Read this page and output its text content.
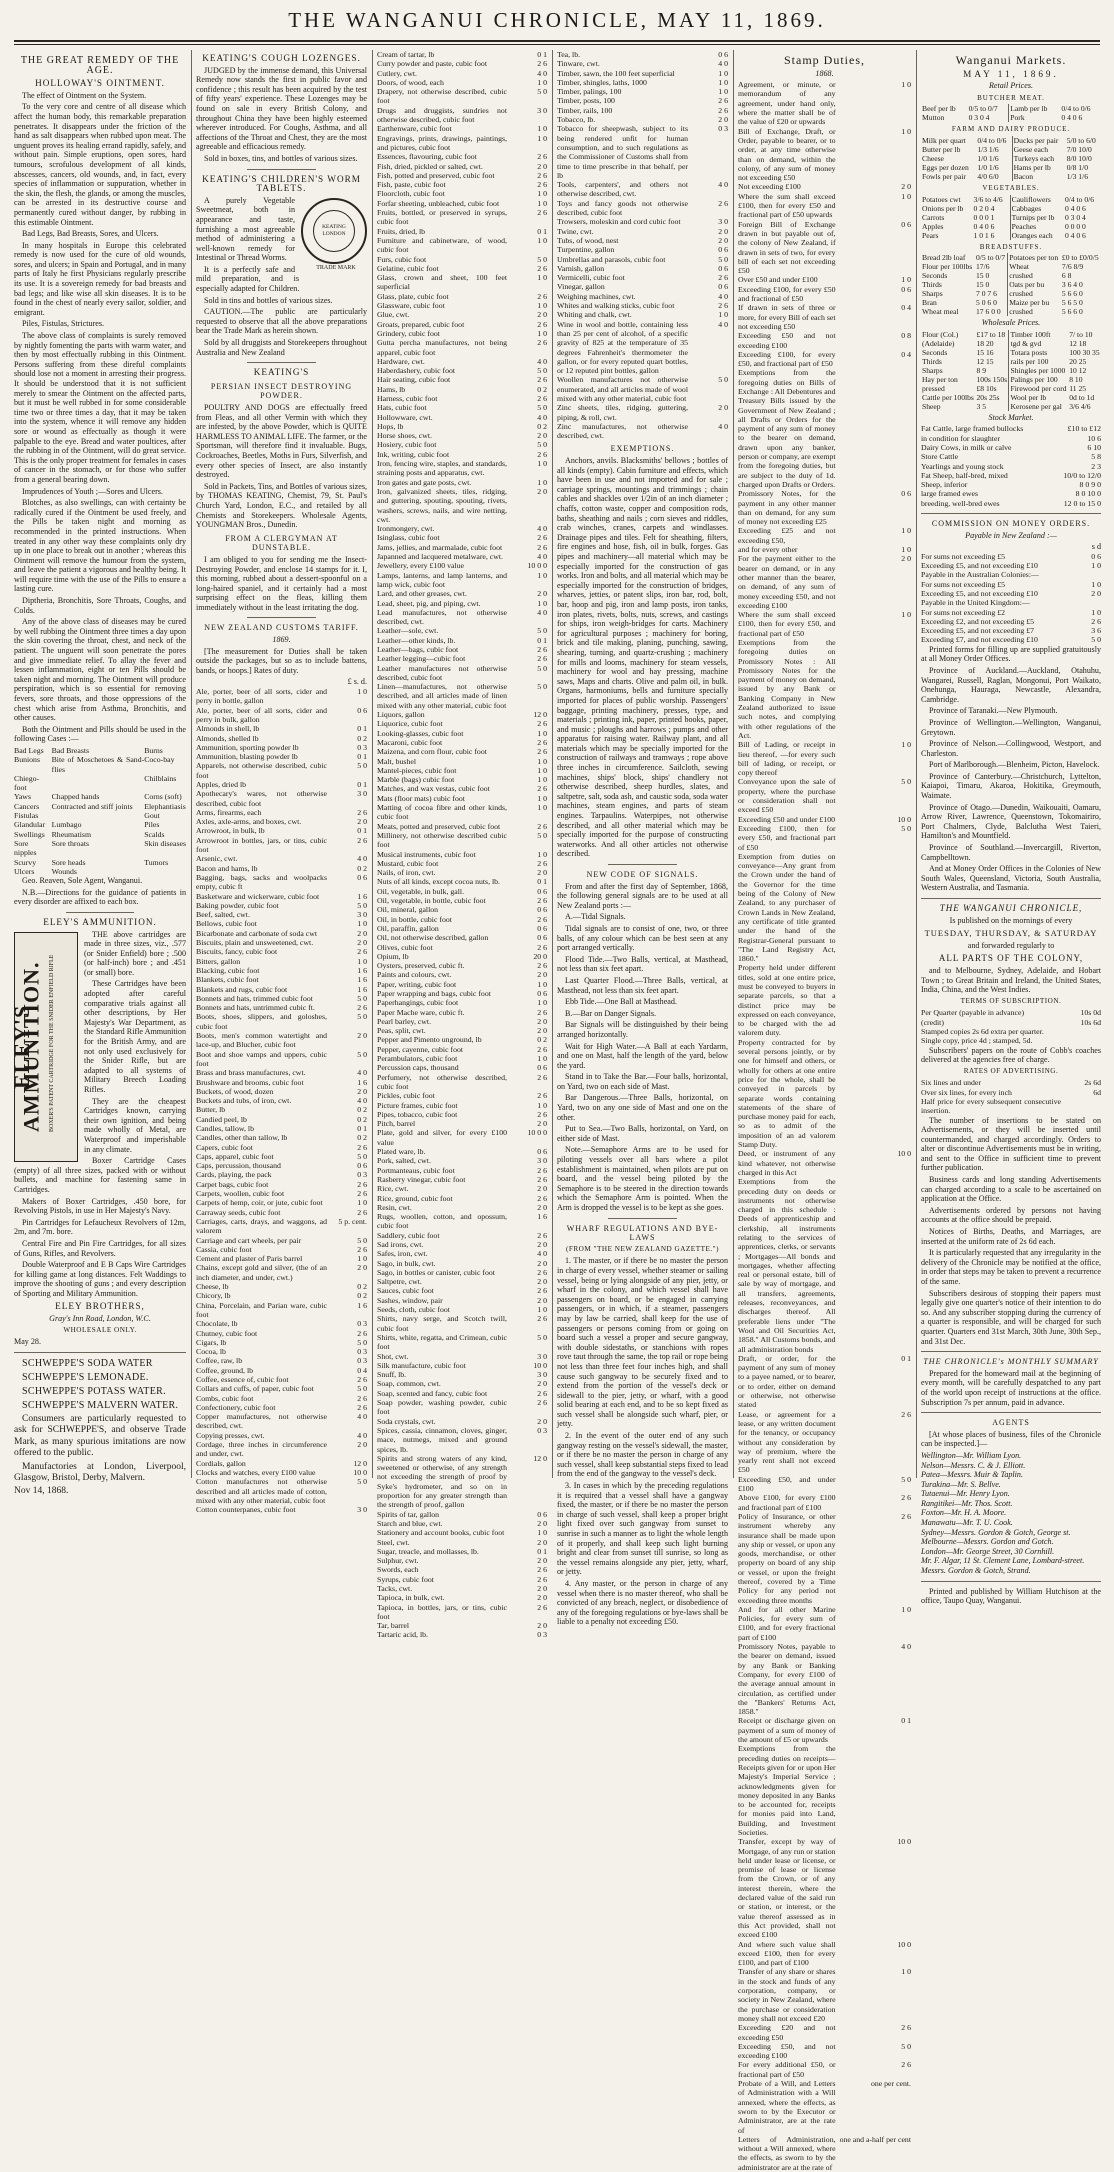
THE WANGANUI CHRONICLE, MAY 11, 1869.
THE GREAT REMEDY OF THE AGE.
HOLLOWAY'S OINTMENT.

The effect of Ointment on the System.

To the very core and centre of all disease which affect the human body, this remarkable preparation penetrates. It disappears under the friction of the hand as salt disappears when rubbed upon meat. The unguent proves its healing errand rapidly, safely, and without pain. Simple eruptions, open sores, hard tumours, scrofulous development of all kinds, abscesses, cancers, old wounds, and, in fact, every species of inflammation or suppuration, whether in the skin, the flesh, the glands, or among the muscles, can be arrested in its destructive course and permanently cured without danger, by rubbing in this estimable Ointment.

Bad Legs, Bad Breasts, Sores, and Ulcers.

In many hospitals in Europe this celebrated remedy is now used for the cure of old wounds, sores, and ulcers; in Spain and Portugal, and in many parts of Italy he first Physicians regularly prescribe its use. It is a sovereign remedy for bad breasts and bad legs; and like wise all skin diseases. It is to be found in the chest of nearly every sailor, soldier, and emigrant.

Piles, Fistulas, Strictures.

The above class of complaints is surely removed by nightly fomenting the parts with warm water, and then by most effectually rubbing in this Ointment. Persons suffering from these direful complaints should lose not a moment in arresting their progress. It should be understood that it is not sufficient merely to smear the Ointment on the affected parts, but it must be well rubbed in for some considerable time two or three times a day, that it may be taken into the system, whence it will remove any hidden sore or wound as effectually as though it were palpable to the eye. Bread and water poultices, after the rubbing in of the Ointment, will do great service. This is the only proper treatment for females in cases of cancer in the stomach, or for those who suffer from a general bearing down.

Imprudences of Youth ;—Sores and Ulcers.

Blotches, as also swellings, can with certainty be radically cured if the Ointment be used freely, and the Pills be taken night and morning as recommended in the printed instructions. When treated in any other way these complaints only dry up in one place to break out in another ; whereas this Ointment will remove the humour from the system, and leave the patient a vigorous and healthy being. It will require time with the use of the Pills to ensure a lasting cure.

Diptheria, Bronchitis, Sore Throats, Coughs, and Colds.

Any of the above class of diseases may be cured by well rubbing the Ointment three times a day upon the skin covering the throat, chest, and neck of the patient. The unguent will soon penetrate the pores and give immediate relief. To allay the fever and lessen inflammation, eight or ten Pills should be taken night and morning. The Ointment will produce perspiration, which is so essential for removing fevers, sore throats, and those oppressions of the chest which arise from Asthma, Bronchitis, and other causes.

Both the Ointment and Pills should be used in the following Cases :—

Bad Legs	Bad Breasts	Burns
Bunions	Bite of Moschetoes & Sand-flies	Coco-bay
Chiego-foot		Chilblains
Yaws	Chapped hands	Corns (soft)
Cancers	Contracted and stiff joints	Elephantiasis
Fistulas		Gout
Glandular	Lumbago	Piles
Swellings	Rheumatism	Scalds
Sore nipples	Sore throats	Skin diseases
Scurvy	Sore heads	Tumors
Ulcers	Wounds	

Geo. Reaven, Sole Agent, Wanganui.

N.B.—Directions for the guidance of patients in every disorder are affixed to each box.

ELEY'S AMMUNITION.
ELEY'S AMMUNITION. BOXER'S PATENT CARTRIDGE FOR THE SNIDER ENFIELD RIFLE

THE above cartridges are made in three sizes, viz., .577 (or Snider Enfield) bore ; .500 (or half-inch) bore ; and .451 (or small) bore.

These Cartridges have been adopted after careful comparative trials against all other descriptions, by Her Majesty's War Department, as the Standard Rifle Ammunition for the British Army, and are not only used exclusively for the Snider Rifle, but are adapted to all systems of Military Breech Loading Rifles.

They are the cheapest Cartridges known, carrying their own ignition, and being made wholly of Metal, are Waterproof and imperishable in any climate.

Boxer Cartridge Cases (empty) of all three sizes, packed with or without bullets, and machine for fastening same in Cartridges.

Makers of Boxer Cartridges, .450 bore, for Revolving Pistols, in use in Her Majesty's Navy.

Pin Cartridges for Lefaucheux Revolvers of 12m, 2m, and 7m. bore.

Central Fire and Pin Fire Cartridges, for all sizes of Guns, Rifles, and Revolvers.

Double Waterproof and E B Caps Wire Cartridges for killing game at long distances. Felt Waddings to improve the shooting of guns ; and every description of Sporting and Military Ammunition.

ELEY BROTHERS,
Gray's Inn Road, London, W.C.
WHOLESALE ONLY.

May 28.

SCHWEPPE'S SODA WATER

SCHWEPPE'S LEMONADE.

SCHWEPPE'S POTASS WATER.

SCHWEPPE'S MALVERN WATER.

Consumers are particularly requested to ask for SCHWEPPE'S, and observe Trade Mark, as many spurious imitations are now offered to the public.

Manufactories at London, Liverpool, Glasgow, Bristol, Derby, Malvern.

Nov 14, 1868.

KEATING'S COUGH LOZENGES.

JUDGED by the immense demand, this Universal Remedy now stands the first in public favor and confidence ; this result has been acquired by the test of fifty years' experience. These Lozenges may be found on sale in every British Colony, and throughout China they have been highly esteemed wherever introduced. For Coughs, Asthma, and all affections of the Throat and Chest, they are the most agreeable and efficacious remedy.

Sold in boxes, tins, and bottles of various sizes.

KEATING'S CHILDREN'S WORM TABLETS.
KEATING LONDON
TRADE MARK

A purely Vegetable Sweetmeat, both in appearance and taste, furnishing a most agreeable method of administering a well-known remedy for Intestinal or Thread Worms.

It is a perfectly safe and mild preparation, and is especially adapted for Children.

Sold in tins and bottles of various sizes.

CAUTION.—The public are particularly requested to observe that all the above preparations bear the Trade Mark as herein shown.

Sold by all druggists and Storekeepers throughout Australia and New Zealand

KEATING'S
PERSIAN INSECT DESTROYING POWDER.

POULTRY AND DOGS are effectually freed from Fleas, and all other Vermin with which they are infested, by the above Powder, which is QUITE HARMLESS TO ANIMAL LIFE. The farmer, or the Sportsman, will therefore find it invaluable. Bugs, Cockroaches, Beetles, Moths in Furs, Silverfish, and every other species of Insect, are also instantly destroyed.

Sold in Packets, Tins, and Bottles of various sizes, by THOMAS KEATING, Chemist, 79, St. Paul's Church Yard, London, E.C., and retailed by all Chemists and Storekeepers. Wholesale Agents, YOUNGMAN Bros., Dunedin.

FROM A CLERGYMAN AT DUNSTABLE.

I am obliged to you for sending me the Insect-Destroying Powder, and enclose 14 stamps for it. I, this morning, rubbed about a dessert-spoonful on a long-haired spaniel, and it certainly had a most surprising effect on the fleas, killing them immediately without in the least irritating the dog.

NEW ZEALAND CUSTOMS TARIFF.
1869.

[The measurement for Duties shall be taken outside the packages, but so as to include battens, bands, or hoops.] Rates of duty.

£ s. d.
Ale, porter, beer of all sorts, cider and perry in bottle, gallon	1 0
Ale, porter, beer of all sorts, cider and perry in bulk, gallon	0 6
Almonds in shell, lb	0 1
Almonds, shelled lb	0 2
Ammunition, sporting powder lb	0 3
Ammunition, blasting powder lb	0 1
Apparels, not otherwise described, cubic foot	5 0
Apples, dried lb	0 1
Apothecary's wares, not otherwise described, cubic foot	3 0
Arms, firearms, each	2 6
Axles, axle-arms, and boxes, cwt.	2 0
Arrowroot, in bulk, lb	0 1
Arrowroot in bottles, jars, or tins, cubic foot	2 6
Arsenic, cwt.	4 0
Bacon and hams, lb	0 2
Bagging, bags, sacks and woolpacks empty, cubic ft	0 6
Basketware and wickerware, cubic foot	1 6
Baking powder, cubic foot	5 0
Beef, salted, cwt.	3 0
Bellows, cubic foot	1 0
Bicarbonate and carbonate of soda cwt	2 0
Biscuits, plain and unsweetened, cwt.	2 0
Biscuits, fancy, cubic foot	2 6
Bitters, gallon	1 0
Blacking, cubic foot	1 6
Blankets, cubic foot	1 6
Blankets and rugs, cubic foot	1 6
Bonnets and hats, trimmed cubic foot	5 0
Bonnets and hats, untrimmed cubic ft.	2 6
Boots, shoes, slippers, and goloshes, cubic foot	5 0
Boots, men's common watertight and lace-up, and Blucher, cubic foot	2 0
Boot and shoe vamps and uppers, cubic foot	5 0
Brass and brass manufactures, cwt.	4 0
Brushware and brooms, cubic foot	1 6
Buckets, of wood, dozen	2 0
Buckets and tubs, of iron, cwt.	4 0
Butter, lb	0 2
Candied peel, lb	0 2
Candles, tallow, lb	0 1
Candles, other than tallow, lb	0 2
Capers, cubic foot	2 6
Caps, apparel, cubic foot	5 0
Caps, percussion, thousand	0 6
Cards, playing, the pack	0 3
Carpet bags, cubic foot	2 6
Carpets, woollen, cubic foot	2 6
Carpets of hemp, coir, or jute, cubic foot	1 0
Carraway seeds, cubic foot	2 6
Carriages, carts, drays, and waggons, ad valorem	5 p. cent.
Carriage and cart wheels, per pair	5 0
Cassia, cubic foot	2 6
Cement and plaster of Paris barrel	1 0
Chains, except gold and silver, (the of an inch diameter, and under, cwt.)	2 0
Cheese, lb	0 2
Chicory, lb	0 2
China, Porcelain, and Parian ware, cubic foot	1 6
Chocolate, lb	0 3
Chutney, cubic foot	2 6
Cigars, lb	5 0
Cocoa, lb	0 3
Coffee, raw, lb	0 3
Coffee, ground, lb	0 4
Coffee, essence of, cubic foot	2 6
Collars and cuffs, of paper, cubic foot	5 0
Combs, cubic foot	2 6
Confectionery, cubic foot	2 6
Copper manufactures, not otherwise described, cwt.	4 0
Copying presses, cwt.	4 0
Cordage, three inches in circumference and under, cwt.	2 0
Cordials, gallon	12 0
Clocks and watches, every £100 value	10 0
Cotton manufactures not otherwise described and all articles made of cotton, mixed with any other material, cubic foot	5 0
Cotton counterpanes, cubic foot	3 0
Cream of tartar, lb	0 1
Curry powder and paste, cubic foot	2 6
Cutlery, cwt.	4 0
Doors, of wood, each	1 0
Drapery, not otherwise described, cubic foot	5 0
Drugs and druggists, sundries not otherwise described, cubic foot	3 0
Earthenware, cubic foot	1 0
Engravings, prints, drawings, paintings, and pictures, cubic foot	1 0
Essences, flavouring, cubic foot	2 6
Fish, dried, pickled or salted, cwt.	2 0
Fish, potted and preserved, cubic foot	2 6
Fish, paste, cubic foot	2 6
Floorcloth, cubic foot	1 0
Forfar sheeting, unbleached, cubic foot	1 0
Fruits, bottled, or preserved in syrups, cubic foot	2 6
Fruits, dried, lb	0 1
Furniture and cabinetware, of wood, cubic foot	1 0
Furs, cubic foot	5 0
Gelatine, cubic foot	2 6
Glass, crown and sheet, 100 feet superficial	1 0
Glass, plate, cubic foot	2 6
Glassware, cubic foot	1 0
Glue, cwt.	2 0
Groats, prepared, cubic foot	2 6
Grindery, cubic foot	1 0
Gutta percha manufactures, not being apparel, cubic foot	2 6
Hardware, cwt.	4 0
Haberdashery, cubic foot	5 0
Hair seating, cubic foot	2 6
Hams, lb	0 2
Harness, cubic foot	2 6
Hats, cubic foot	5 0
Hollowware, cwt.	4 0
Hops, lb	0 2
Horse shoes, cwt.	2 0
Hosiery, cubic foot	5 0
Ink, writing, cubic foot	2 6
Iron, fencing wire, staples, and standards, straining posts and apparatus, cwt.	1 0
Iron gates and gate posts, cwt.	1 0
Iron, galvanized sheets, tiles, ridging, and guttering, spouting, spouting, rivets, washers, screws, nails, and wire netting, cwt.	2 0
Ironmongery, cwt.	4 0
Isinglass, cubic foot	2 6
Jams, jellies, and marmalade, cubic foot	2 6
Japanned and lacquered metalware, cwt.	4 0
Jewellery, every £100 value	10 0 0
Lamps, lanterns, and lamp lanterns, and lamp wick, cubic foot	1 0
Lard, and other greases, cwt.	2 0
Lead, sheet, pig, and piping, cwt.	1 0
Lead manufactures, not otherwise described, cwt.	4 0
Leather—sole, cwt.	5 0
Leather—other kinds, lb.	0 1
Leather—bags, cubic foot	2 6
Leather legging—cubic foot	2 6
Leather manufactures not otherwise described, cubic foot	5 0
Linen—manufactures, not otherwise described, and all articles made of linen mixed with any other material, cubic foot	5 0
Liquors, gallon	12 0
Liquorice, cubic foot	2 6
Looking-glasses, cubic foot	1 0
Macaroni, cubic foot	2 6
Maizena, and corn flour, cubic foot	2 6
Malt, bushel	1 0
Mantel-pieces, cubic foot	1 0
Marble (bags) cubic foot	1 0
Matches, and wax vestas, cubic foot	2 6
Mats (floor mats) cubic foot	1 0
Matting of cocoa fibre and other kinds, cubic foot	1 0
Meats, potted and preserved, cubic foot	2 6
Millinery, not otherwise described cubic foot	5 0
Musical instruments, cubic foot	1 0
Mustard, cubic foot	2 6
Nails, of iron, cwt.	2 0
Nuts of all kinds, except cocoa nuts, lb.	0 1
Oil, vegetable, in bulk, gall.	0 6
Oil, vegetable, in bottle, cubic foot	2 6
Oil, mineral, gallon	0 6
Oil, in bottle, cubic foot	2 6
Oil, paraffin, gallon	0 6
Oil, not otherwise described, gallon	0 6
Olives, cubic foot	2 6
Opium, lb	20 0
Oysters, preserved, cubic ft.	2 6
Paints and colours, cwt.	2 0
Paper, writing, cubic foot	1 0
Paper wrapping and bags, cubic foot	0 6
Paperhangings, cubic foot	1 0
Paper Mache ware, cubic ft.	2 6
Pearl barley, cwt.	2 0
Peas, split, cwt.	2 0
Pepper and Pimento unground, lb	0 2
Pepper, cayenne, cubic foot	2 6
Perambulators, cubic foot	1 0
Percussion caps, thousand	0 6
Perfumery, not otherwise described, cubic foot	2 6
Pickles, cubic foot	2 6
Picture frames, cubic foot	1 0
Pipes, tobacco, cubic foot	2 6
Pitch, barrel	2 0
Plate, gold and silver, for every £100 value	10 0 0
Plated ware, lb.	0 6
Pork, salted, cwt.	3 0
Portmanteaus, cubic foot	2 6
Rasberry vinegar, cubic foot	2 6
Rice, cwt.	2 0
Rice, ground, cubic foot	2 6
Resin, cwt.	2 0
Rugs, woollen, cotton, and opossum, cubic foot	1 6
Saddlery, cubic foot	2 6
Sad irons, cwt.	2 0
Safes, iron, cwt.	4 0
Sago, in bulk, cwt.	2 0
Sago, in bottles or canister, cubic foot	2 6
Saltpetre, cwt.	2 0
Sauces, cubic foot	2 6
Sashes, window, pair	2 0
Seeds, cloth, cubic foot	1 0
Shirts, navy serge, and Scotch twill, cubic foot	2 6
Shirts, white, regatta, and Crimean, cubic foot	5 0
Shot, cwt.	3 0
Silk manufacture, cubic foot	10 0
Snuff, lb.	3 0
Soap, common, cwt.	2 0
Soap, scented and fancy, cubic foot	2 6
Soap powder, washing powder, cubic foot	2 6
Soda crystals, cwt.	2 0
Spices, cassia, cinnamon, cloves, ginger, mace, nutmegs, mixed and ground spices, lb.	0 3
Spirits and strong waters of any kind, sweetened or otherwise, of any strength not exceeding the strength of proof by Syke's hydrometer, and so on in proportion for any greater strength than the strength of proof, gallon	12 0
Spirits of tar, gallon	0 6
Starch and blue, cwt.	2 0
Stationery and account books, cubic foot	1 0
Steel, cwt.	2 0
Sugar, treacle, and mollasses, lb.	0 1
Sulphur, cwt.	2 0
Swords, each	2 6
Syrups, cubic foot	2 6
Tacks, cwt.	2 0
Tapioca, in bulk, cwt.	2 0
Tapioca, in bottles, jars, or tins, cubic foot	2 6
Tar, barrel	2 0
Tartaric acid, lb.	0 3
Tea, lb.	0 6
Tinware, cwt.	4 0
Timber, sawn, the 100 feet superficial	1 0
Timber, shingles, laths, 1000	1 0
Timber, palings, 100	1 0
Timber, posts, 100	2 6
Timber, rails, 100	2 6
Tobacco, lb.	2 0
Tobacco for sheepwash, subject to its being rendered unfit for human consumption, and to such regulations as the Commissioner of Customs shall from time to time prescribe in that behalf, per lb	0 3
Tools, carpenters', and others not otherwise described, cwt.	4 0
Toys and fancy goods not otherwise described, cubic foot	2 6
Trowsers, moleskin and cord cubic foot	3 0
Twine, cwt.	2 0
Tubs, of wood, nest	2 0
Turpentine, gallon	0 6
Umbrellas and parasols, cubic foot	5 0
Varnish, gallon	0 6
Vermicelli, cubic foot	2 6
Vinegar, gallon	0 6
Weighing machines, cwt.	4 0
Whites and walking sticks, cubic foot	2 6
Whiting and chalk, cwt.	1 0
Wine in wool and bottle, containing less than 25 per cent of alcohol, of a specific gravity of 825 at the temperature of 35 degrees Fahrenheit's thermometer the gallon, or for every reputed quart bottles, or 12 reputed pint bottles, gallon	4 0
Woollen manufactures not otherwise enumerated, and all articles made of wool mixed with any other material, cubic foot	5 0
Zinc sheets, tiles, ridging, guttering, piping, & roll, cwt.	2 0
Zinc manufactures, not otherwise described, cwt.	4 0
EXEMPTIONS.

Anchors, anvils. Blacksmiths' bellows ; bottles of all kinds (empty). Cabin furniture and effects, which have been in use and not imported and for sale ; carriage springs, mountings and trimmings ; chain cables and shackles over 1/2in of an inch diameter ; chaffs, cotton waste, copper and composition rods, baths, sheathing and nails ; corn sieves and riddles, crab winches, cranes, carpets and windlasses. Drainage pipes and tiles. Felt for sheathing, filters, fire engines and hose, fish, oil in bulk, forges. Gas pipes and machinery—all material which may be especially imported for the construction of gas works. Iron and bolts, and all material which may be especially imported for the construction of bridges, wharves, jetties, or patent slips, iron bar, rod, bolt, bar, hoop and pig, iron and lamp posts, iron tanks, iron plates, rivets, bolts, nuts, screws, and castings for ships, iron weigh-bridges for carts. Machinery for agricultural purposes ; machinery for boring, brick and tile making, planing, punching, sawing, shearing, turning, and quartz-crushing ; machinery for mills and looms, machinery for steam vessels, machinery for wool and hay pressing, machine saws, Maps and charts. Olive and palm oil, in bulk. Organs, harmoniums, bells and furniture specially imported for places of public worship. Passengers' baggage, printing machinery, presses, type, and materials ; printing ink, paper, printed books, paper, and music ; ploughs and harrows ; pumps and other apparatus for raising water. Railway plant, and all materials which may be specially imported for the construction of railways and tramways ; rope above three inches in circumference. Sailcloth, sewing machines, ships' block, ships' chandlery not otherwise described, sheep hurdles, slates, and saltpetre, salt, soda ash, and caustic soda, soda water machines, steam engines, and parts of steam engines. Tarpaulins. Waterpipes, not otherwise described, and all other material which may be specially imported for the purpose of constructing waterworks. And all other articles not otherwise described.

NEW CODE OF SIGNALS.

From and after the first day of September, 1868, the following general signals are to be used at all New Zealand ports :—

A.—Tidal Signals.

Tidal signals are to consist of one, two, or three balls, of any colour which can be best seen at any port arranged vertically.

Flood Tide.—Two Balls, vertical, at Masthead, not less than six feet apart.

Last Quarter Flood.—Three Balls, vertical, at Masthead, not less than six feet apart.

Ebb Tide.—One Ball at Masthead.

B.—Bar on Danger Signals.

Bar Signals will be distinguished by their being arranged horizontally.

Wait for High Water.—A Ball at each Yardarm, and one on Mast, half the length of the yard, below the yard.

Stand in to Take the Bar.—Four balls, horizontal, on Yard, two on each side of Mast.

Bar Dangerous.—Three Balls, horizontal, on Yard, two on any one side of Mast and one on the other.

Put to Sea.—Two Balls, horizontal, on Yard, on either side of Mast.

Note.—Semaphore Arms are to be used for piloting vessels over all bars where a pilot establishment is maintained, when pilots are put on board, and the vessel being piloted by the Semaphore is to be steered in the direction towards which the Semaphore Arm is pointed. When the Arm is dropped the vessel is to be kept as she goes.

WHARF REGULATIONS AND BYE-LAWS
(FROM "THE NEW ZEALAND GAZETTE.")

1. The master, or if there be no master the person in charge of every vessel, whether steamer or sailing vessel, being or lying alongside of any pier, jetty, or wharf in the colony, and which vessel shall have passengers on board, or be engaged in carrying passengers, or in which, if a steamer, passengers may by law be carried, shall keep for the use of passengers or persons coming from or going on board such a vessel a proper and secure gangway, with double sidestaths, or stanchions with ropes rove taut through the same, the top rail or rope being not less than three feet four inches high, and shall cause such gangway to be securely fixed and to extend from the portion of the vessel's deck or sidewall to the pier, jetty, or wharf, with a good solid bearing at each end, and to be so kept fixed as such vessel shall be alongside such wharf, pier, or jetty.

2. In the event of the outer end of any such gangway resting on the vessel's sidewall, the master, or if there be no master the person in charge of any such vessel, shall keep substantial steps fixed to lead from the end of the gangway to the vessel's deck.

3. In cases in which by the preceding regulations it is required that a vessel shall have a gangway fixed, the master, or if there be no master the person in charge of such vessel, shall keep a proper bright light fixed over such gangway from sunset to sunrise in such a manner as to light the whole length of it properly, and shall keep such light burning bright and clear from sunset till sunrise, so long as the vessel remains alongside any pier, jetty, wharf, or jetty.

4. Any master, or the person in charge of any vessel when there is no master thereof, who shall be convicted of any breach, neglect, or disobedience of any of the foregoing regulations or bye-laws shall be liable to a penalty not exceeding £50.

Stamp Duties,
1868.
Agreement, or minute, or memorandum of any agreement, under hand only, where the matter shall be of the value of £20 or upwards	1 0
Bill of Exchange, Draft, or Order, payable to bearer, or to order, at any time otherwise than on demand, within the colony, of any sum of money not exceeding £50	1 0
Not exceeding £100	2 0
Where the sum shall exceed £100, then for every £50 and fractional part of £50 upwards	1 0
Foreign Bill of Exchange drawn in but payable out of, the colony of New Zealand, if drawn in sets of two, for every bill of each set not exceeding £50	0 6
Over £50 and under £100	1 0
Exceeding £100, for every £50 and fractional of £50	0 6
If drawn in sets of three or more, for every Bill of each set not exceeding £50	0 4
Exceeding £50 and not exceeding £100	0 8
Exceeding £100, for every £50, and fractional part of £50	0 4
Exemptions from the foregoing duties on Bills of Exchange : All Debentures and Treasury Bills issued by the Government of New Zealand ; all Drafts or Orders for the payment of any sum of money to the bearer on demand, drawn upon any banker, person or company, are exempt from the foregoing duties, but are subject to the duty of 1d. charged upon Drafts or Orders.	
Promissory Notes, for the payment in any other manner than on demand, for any sum of money not exceeding £25	0 6
Exceeding £25 and not exceeding £50,	1 0
and for every other	1 0
For the payment either to the bearer on demand, or in any other manner than the bearer, on demand, of any sum of money exceeding £50, and not exceeding £100	2 0
Where the sum shall exceed £100, then for every £50, and fractional part of £50	1 0
Exemptions from the foregoing duties on Promissory Notes : All Promissory Notes for the payment of money on demand, issued by any Bank or Banking Company in New Zealand authorized to issue such notes, and complying with other regulations of the Act.	
Bill of Lading, or receipt in lieu thereof, —for every such bill of lading, or receipt, or copy thereof	1 0
Conveyance upon the sale of property, where the purchase or consideration shall not exceed £50	5 0
Exceeding £50 and under £100	10 0
Exceeding £100, then for every £50, and fractional part of £50	5 0
Exemption from duties on conveyance—Any grant from the Crown under the hand of the Governor for the time being of the Colony of New Zealand, to any purchaser of Crown Lands in New Zealand, any certificate of title granted under the hand of the Registrar-General pursuant to "The Land Registry Act, 1860."	
Property held under different titles, sold at one entire price, must be conveyed to buyers in separate parcels, so that a distinct price may be expressed on each conveyance, to be charged with the ad valorem duty.	
Property contracted for by several persons jointly, or by one for himself and others, or wholly for others at one entire price for the whole, shall be conveyed in parcels by separate words containing statements of the share of purchase money paid for each, so as to admit of the imposition of an ad valorem Stamp Duty.	
Deed, or instrument of any kind whatever, not otherwise charged in this Act	10 0
Exemptions from the preceding duty on deeds or instruments not otherwise charged in this schedule : Deeds of apprenticeship and clerkship, all instruments relating to the services of apprentices, clerks, or servants ; Mortgages—All bonds and mortgages, whether affecting real or personal estate, bill of sale by way of mortgage, and all transfers, agreements, releases, reconveyances, and discharges thereof. All preferable liens under "The Wool and Oil Securities Act, 1858." All Customs bonds, and all administration bonds	
Draft, or order, for the payment of any sum of money to a payee named, or to bearer, or to order, either on demand or otherwise, not otherwise stated	0 1
Lease, or agreement for a lease, or any written document for the tenancy, or occupancy without any consideration by way of premium, where the yearly rent shall not exceed £50	2 6
Exceeding £50, and under £100	5 0
Above £100, for every £100 and fractional part of £100	2 6
Policy of Insurance, or other instrument whereby any insurance shall be made upon any ship or vessel, or upon any goods, merchandise, or other property on board of any ship or vessel, or upon the freight thereof, covered by a Time Policy for any period not exceeding three months	2 6
And for all other Marine Policies, for every sum of £100, and for every fractional part of £100	1 0
Promissory Notes, payable to the bearer on demand, issued by any Bank or Banking Company, for every £100 of the average annual amount in circulation, as certified under the "Bankers' Returns Act, 1858."	4 0
Receipt or discharge given on payment of a sum of money of the amount of £5 or upwards	0 1
Exemptions from the preceding duties on receipts—Receipts given for or upon Her Majesty's Imperial Service ; acknowledgments given for money deposited in any Banks to be accounted for, receipts for monies paid into Land, Building, and Investment Societies.	
Transfer, except by way of Mortgage, of any run or station held under lease or license, or promise of lease or license from the Crown, or of any interest therein, where the declared value of the said run or station, or interest, or the value thereof assessed as in this Act provided, shall not exceed £100	10 0
And where such value shall exceed £100, then for every £100, and part of £100	10 0
Transfer of any share or shares in the stock and funds of any corporation, company, or society in New Zealand, where the purchase or consideration money shall not exceed £20	1 0
Exceeding £20 and not exceeding £50	2 6
Exceeding £50, and not exceeding £100	5 0
For every additional £50, or fractional part of £50	2 6
Probate of a Will, and Letters of Administration with a Will annexed, where the effects, as sworn to by the Executor or Administrator, are at the rate of	one per cent.
Letters of Administration, without a Will annexed, where the effects, as sworn to by the administrator are at the rate of	one and a-half per cent
Wanganui Markets.
MAY 11, 1869.
Retail Prices.
BUTCHER MEAT.
Beef per lb	0/5 to 0/7	Lamb per lb	0/4 to 0/6
Mutton	0 3 0 4	Pork	0 4 0 6
FARM AND DAIRY PRODUCE.
Milk per quart	0/4 to 0/6	Ducks per pair	5/0 to 6/0
Butter per lb	1/3 1/6	Geese each	7/0 10/0
Cheese	1/0 1/6	Turkeys each	8/0 10/0
Eggs per dozen	1/0 1/6	Hams per lb	0/8 1/0
Fowls per pair	4/0 6/0	Bacon	1/3 1/6
VEGETABLES.
Potatoes cwt	3/6 to 4/6	Cauliflowers	0/4 to 0/6
Onions per lb	0 2 0 4	Cabbages	0 4 0 6
Carrots	0 0 0 1	Turnips per lb	0 3 0 4
Apples	0 4 0 6	Peaches	0 0 0 0
Pears	1 0 1 6	Oranges each	0 4 0 6
BREADSTUFFS.
Bread 2lb loaf	0/5 to 0/7	Potatoes per ton	£0 to £0/0/5
Flour per 100lbs	17/6	Wheat	7/6 8/9
Seconds	15 0	crushed	6 8
Thirds	15 0	Oats per bu	3 6 4 0
Sharps	7 0 7 6	crushed	5 6 6 0
Bran	5 0 6 0	Maize per bu	5 6 5 0
Wheat meal	17 6 0 0	crushed	5 6 6 0
Wholesale Prices.
Flour (Col.)	£17 to 18	Timber 100ft	7/ to 10
(Adelaide)	18 20	tgd & gvd	12 18
Seconds	15 16	Totara posts	100 30 35
Thirds	12 15	rails per 100	20 25
Sharps	8 9	Shingles per 1000	10 12
Hay per ton	100s 150s	Palings per 100	8 10
pressed	£8 10s	Firewood per cord	11 25
Cattle per 100lbs	20s 25s	Wool per lb	0d to 1d
Sheep	3 5	Kerosene per gal	3/6 4/6
Stock Market.
Fat Cattle, large framed bullocks	£10 to £12
in condition for slaughter	10 6
Dairy Cows, in milk or calve	6 10
Store Cattle	5 8
Yearlings and young stock	2 3
Fat Sheep, half-bred, mixed	10/0 to 12/0
Sheep, inferior	8 0 9 0
large framed ewes	8 0 10 0
breeding, well-bred ewes	12 0 to 15 0
COMMISSION ON MONEY ORDERS.
Payable in New Zealand :—
s d
For sums not exceeding £5	0 6
Exceeding £5, and not exceeding £10	1 0
Payable in the Australian Colonies:—	
For sums not exceeding £5	1 0
Exceeding £5, and not exceeding £10	2 0
Payable in the United Kingdom:—	
For sums not exceeding £2	1 0
Exceeding £2, and not exceeding £5	2 6
Exceeding £5, and not exceeding £7	3 6
Exceeding £7, and not exceeding £10	5 0

Printed forms for filling up are supplied gratuitously at all Money Order Offices.

Province of Auckland.—Auckland, Otahuhu, Wangarei, Russell, Raglan, Mongonui, Port Waikato, Onehunga, Hauraga, Newcastle, Alexandra, Cambridge.

Province of Taranaki.—New Plymouth.

Province of Wellington.—Wellington, Wanganui, Greytown.

Province of Nelson.—Collingwood, Westport, and Charleston.

Port of Marlborough.—Blenheim, Picton, Havelock.

Province of Canterbury.—Christchurch, Lyttelton, Kaiapoi, Timaru, Akaroa, Hokitika, Greymouth, Waimate.

Province of Otago.—Dunedin, Waikouaiti, Oamaru, Arrow River, Lawrence, Queenstown, Tokomairiro, Port Chalmers, Clyde, Balclutha West Taieri, Hamilton's and Mountfield.

Province of Southland.—Invercargill, Riverton, Campbelltown.

And at Money Order Offices in the Colonies of New South Wales, Queensland, Victoria, South Australia, Western Australia, and Tasmania.

THE WANGANUI CHRONICLE,
Is published on the mornings of every
TUESDAY, THURSDAY, & SATURDAY
and forwarded regularly to
ALL PARTS OF THE COLONY,

and to Melbourne, Sydney, Adelaide, and Hobart Town ; to Great Britain and Ireland, the United States, India, China, and the West Indies.

TERMS OF SUBSCRIPTION.
Per Quarter (payable in advance)	10s 0d
(credit)	10s 6d
Stamped copies 2s 6d extra per quarter.	
Single copy, price 4d ; stamped, 5d.	

Subscribers' papers on the route of Cobb's coaches delivered at the agencies free of charge.

RATES OF ADVERTISING.
Six lines and under	2s 6d
Over six lines, for every inch	6d
Half price for every subsequent consecutive insertion.	

The number of insertions to be stated on Advertisements, or they will be inserted until countermanded, and charged accordingly. Orders to alter or discontinue Advertisements must be in writing, and sent to the Office in sufficient time to prevent further publication.

Business cards and long standing Advertisements can charged according to a scale to be ascertained on application at the Office.

Advertisements ordered by persons not having accounts at the office should be prepaid.

Notices of Births, Deaths, and Marriages, are inserted at the uniform rate of 2s 6d each.

It is particularly requested that any irregularity in the delivery of the Chronicle may be notified at the office, in order that steps may be taken to prevent a recurrence of the same.

Subscribers desirous of stopping their papers must legally give one quarter's notice of their intention to do so. And any subscriber stopping during the currency of a quarter is responsible, and will be charged for such quarter. Quarters end 31st March, 30th June, 30th Sep., and 31st Dec.

THE CHRONICLE's MONTHLY SUMMARY

Prepared for the homeward mail at the beginning of every month, will be carefully despatched to any part of the world upon receipt of instructions at the office. Subscription 7s per annum, paid in advance.

AGENTS

[At whose places of business, files of the Chronicle can be inspected.]—

Wellington—Mr. William Lyon.

Nelson—Messrs. C. & J. Elliott.

Patea—Messrs. Muir & Taplin.

Turakina—Mr. S. Bellve.

Tutaenui—Mr. Henry Lyon.

Rangitikei—Mr. Thos. Scott.

Foxton—Mr. H. A. Moore.

Manawatu—Mr. T. U. Cook.

Sydney—Messrs. Gordon & Gotch, George st.

Melbourne—Messrs. Gordon and Gotch.

London—Mr. George Street, 30 Cornhill.

Mr. F. Algar, 11 St. Clement Lane, Lombard-street.

Messrs. Gordon & Gotch, Strand.

Printed and published by William Hutchison at the office, Taupo Quay, Wanganui.
